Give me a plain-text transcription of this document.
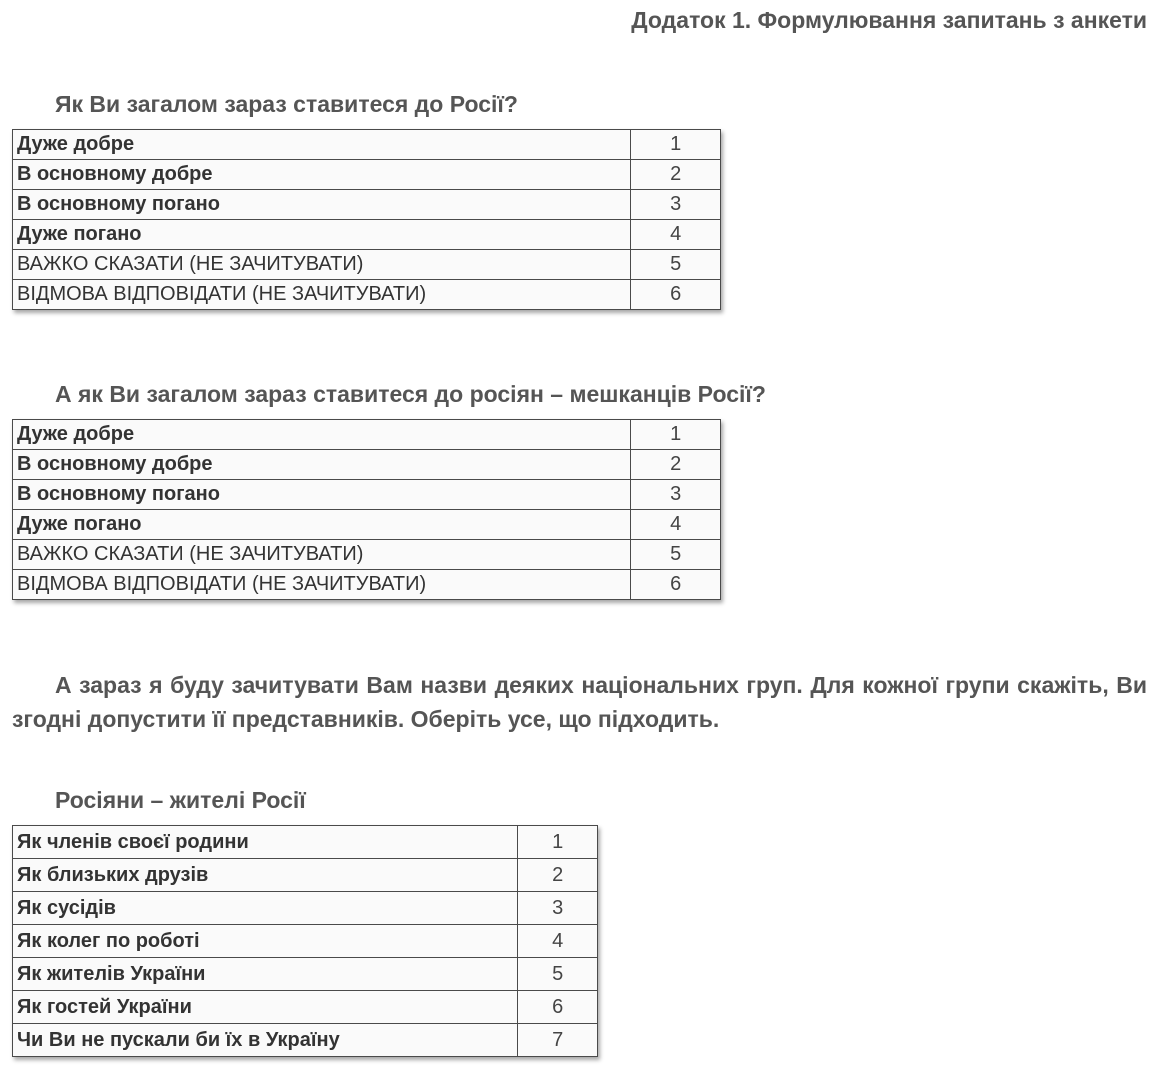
Додаток 1. Формулювання запитань з анкети
Як Ви загалом зараз ставитеся до Росії?
Дуже добре	1
В основному добре	2
В основному погано	3
Дуже погано	4
ВАЖКО СКАЗАТИ (НЕ ЗАЧИТУВАТИ)	5
ВІДМОВА ВІДПОВІДАТИ (НЕ ЗАЧИТУВАТИ)	6
А як Ви загалом зараз ставитеся до росіян – мешканців Росії?
Дуже добре	1
В основному добре	2
В основному погано	3
Дуже погано	4
ВАЖКО СКАЗАТИ (НЕ ЗАЧИТУВАТИ)	5
ВІДМОВА ВІДПОВІДАТИ (НЕ ЗАЧИТУВАТИ)	6
А зараз я буду зачитувати Вам назви деяких національних груп. Для кожної групи скажіть, Ви згодні допустити її представників. Оберіть усе, що підходить.
Росіяни – жителі Росії
Як членів своєї родини	1
Як близьких друзів	2
Як сусідів	3
Як колег по роботі	4
Як жителів України	5
Як гостей України	6
Чи Ви не пускали би їх в Україну	7
